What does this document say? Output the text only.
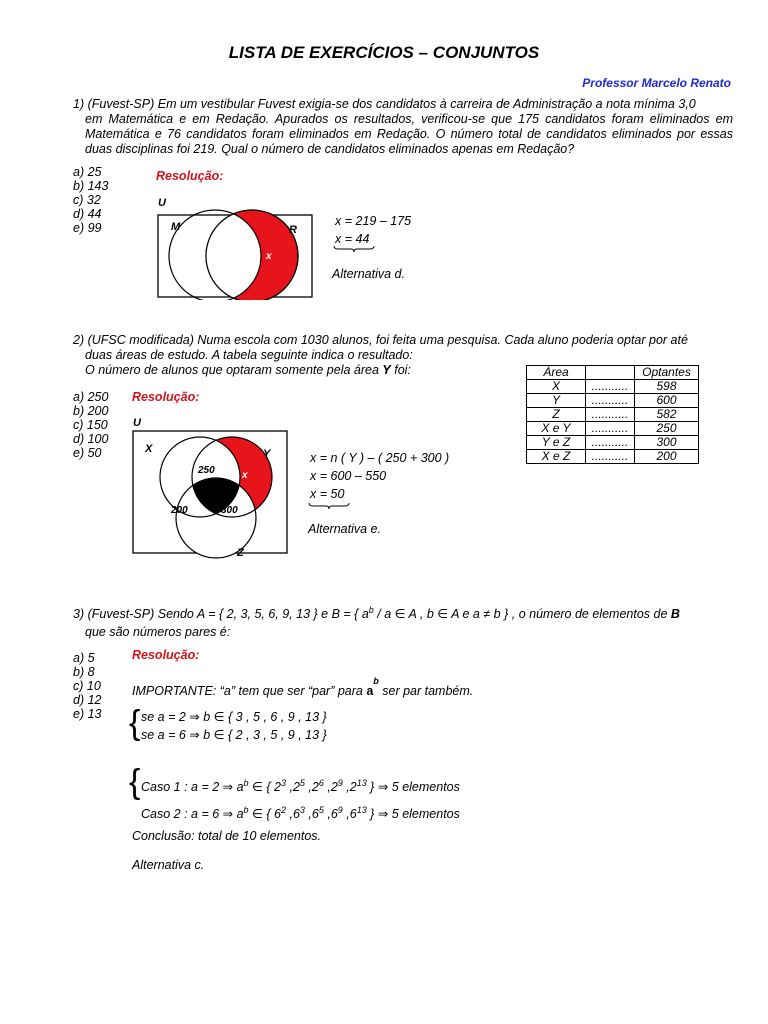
LISTA DE EXERCÍCIOS – CONJUNTOS
Professor Marcelo Renato
1) (Fuvest-SP) Em um vestibular Fuvest exigia-se dos candidatos à carreira de Administração a nota mínima 3,0
em Matemática e em Redação. Apurados os resultados, verificou-se que 175 candidatos foram eliminados em Matemática e 76 candidatos foram eliminados em Redação. O número total de candidatos eliminados por essas duas disciplinas foi 219. Qual o número de candidatos eliminados apenas em Redação?
a) 25
b) 143
c) 32
d) 44
e) 99
Resolução:
U
M	R
x
x = 219 – 175
x = 44
Alternativa d.
2) (UFSC modificada) Numa escola com 1030 alunos, foi feita uma pesquisa. Cada aluno poderia optar por até
duas áreas de estudo. A tabela seguinte indica o resultado:
O número de alunos que optaram somente pela área Y foi:	Área		Optantes
X	...........	598
Y	...........	600
Z	...........	582
X e Y	...........	250
Y e Z	...........	300
X e Z	...........	200
a) 250
b) 200
c) 150
d) 100
e) 50
Resolução:
U
X	Y
Z
250
200	300
x
x = n ( Y ) – ( 250 + 300 )
x = 600 – 550
x = 50
Alternativa e.
3) (Fuvest-SP) Sendo A = { 2, 3, 5, 6, 9, 13 } e B = { $a^b$ / a ∈ A , b ∈ A e a ≠ b } , o número de elementos de B
que são números pares é:
a) 5
b) 8
c) 10
d) 12
e) 13
Resolução:
IMPORTANTE: “a” tem que ser “par” para $a^b$ ser par também.
{ se a = 2 ⇒ b ∈ { 3 , 5 , 6 , 9 , 13 }
se a = 6 ⇒ b ∈ { 2 , 3 , 5 , 9 , 13 }
{ Caso 1 : a = 2 ⇒ $a^b$ ∈ { $2^3$ $,2^5$ $,2^6$ $,2^9$ $,2^{13}$ } ⇒ 5 elementos
Caso 2 : a = 6 ⇒ $a^b$ ∈ { $6^2$ $,6^3$ $,6^5$ $,6^9$ $,6^{13}$ } ⇒ 5 elementos
Conclusão: total de 10 elementos.
Alternativa c.
